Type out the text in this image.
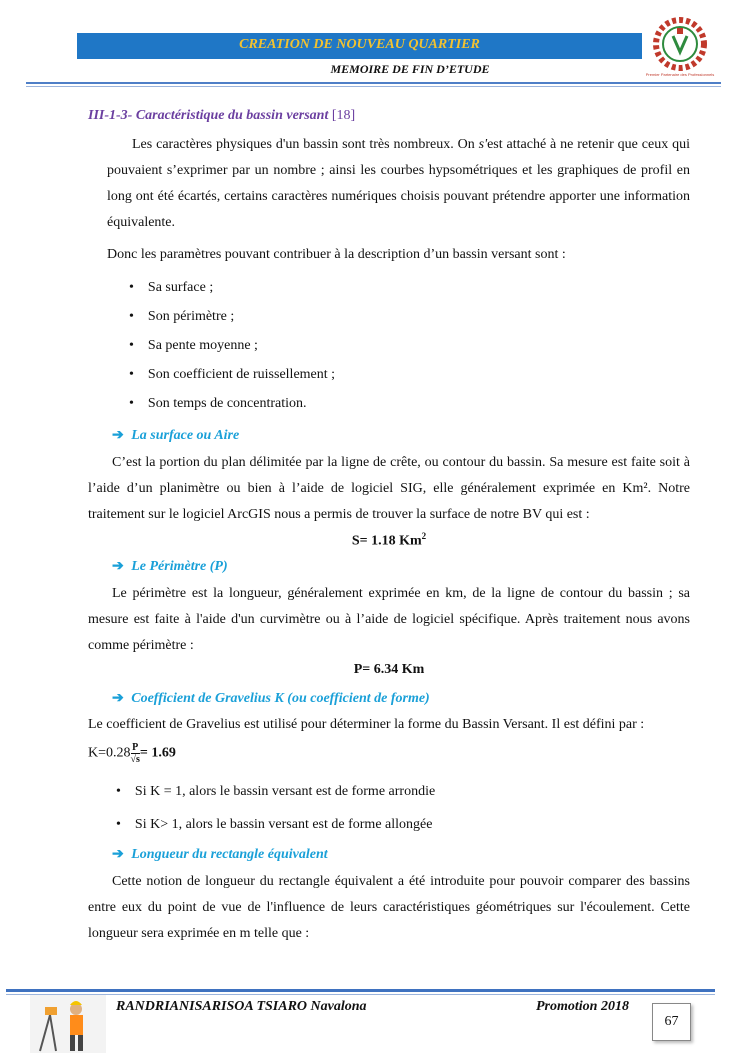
CREATION DE NOUVEAU QUARTIER
MEMOIRE DE FIN D’ETUDE	Premier Partenaire des Professionnels
III-1-3- Caractéristique du bassin versant [18]
Les caractères physiques d'un bassin sont très nombreux. On s'est attaché à ne retenir que ceux qui pouvaient s’exprimer par un nombre ; ainsi les courbes hypsométriques et les graphiques de profil en long ont été écartés, certains caractères numériques choisis pouvant prétendre apporter une information équivalente.
Donc les paramètres pouvant contribuer à la description d’un bassin versant sont :
• Sa surface ;
• Son périmètre ;
• Sa pente moyenne ;
• Son coefficient de ruissellement ;
• Son temps de concentration.
➔ La surface ou Aire
C’est la portion du plan délimitée par la ligne de crête, ou contour du bassin. Sa mesure est faite soit à l’aide d’un planimètre ou bien à l’aide de logiciel SIG, elle généralement exprimée en Km². Notre traitement sur le logiciel ArcGIS nous a permis de trouver la surface de notre BV qui est :
S= 1.18 Km$^2$
➔ Le Périmètre (P)
Le périmètre est la longueur, généralement exprimée en km, de la ligne de contour du bassin ; sa mesure est faite à l'aide d'un curvimètre ou à l’aide de logiciel spécifique. Après traitement nous avons comme périmètre :
P= 6.34 Km
➔ Coefficient de Gravelius K (ou coefficient de forme)
Le coefficient de Gravelius est utilisé pour déterminer la forme du Bassin Versant. Il est défini par :
$K=0.28 \frac{P}{√s} = 1.69$
• Si K = 1, alors le bassin versant est de forme arrondie
• Si K> 1, alors le bassin versant est de forme allongée
➔ Longueur du rectangle équivalent
Cette notion de longueur du rectangle équivalent a été introduite pour pouvoir comparer des bassins entre eux du point de vue de l'influence de leurs caractéristiques géométriques sur l'écoulement. Cette longueur sera exprimée en m telle que :
RANDRIANISARISOA TSIARO Navalona	Promotion 2018
67
